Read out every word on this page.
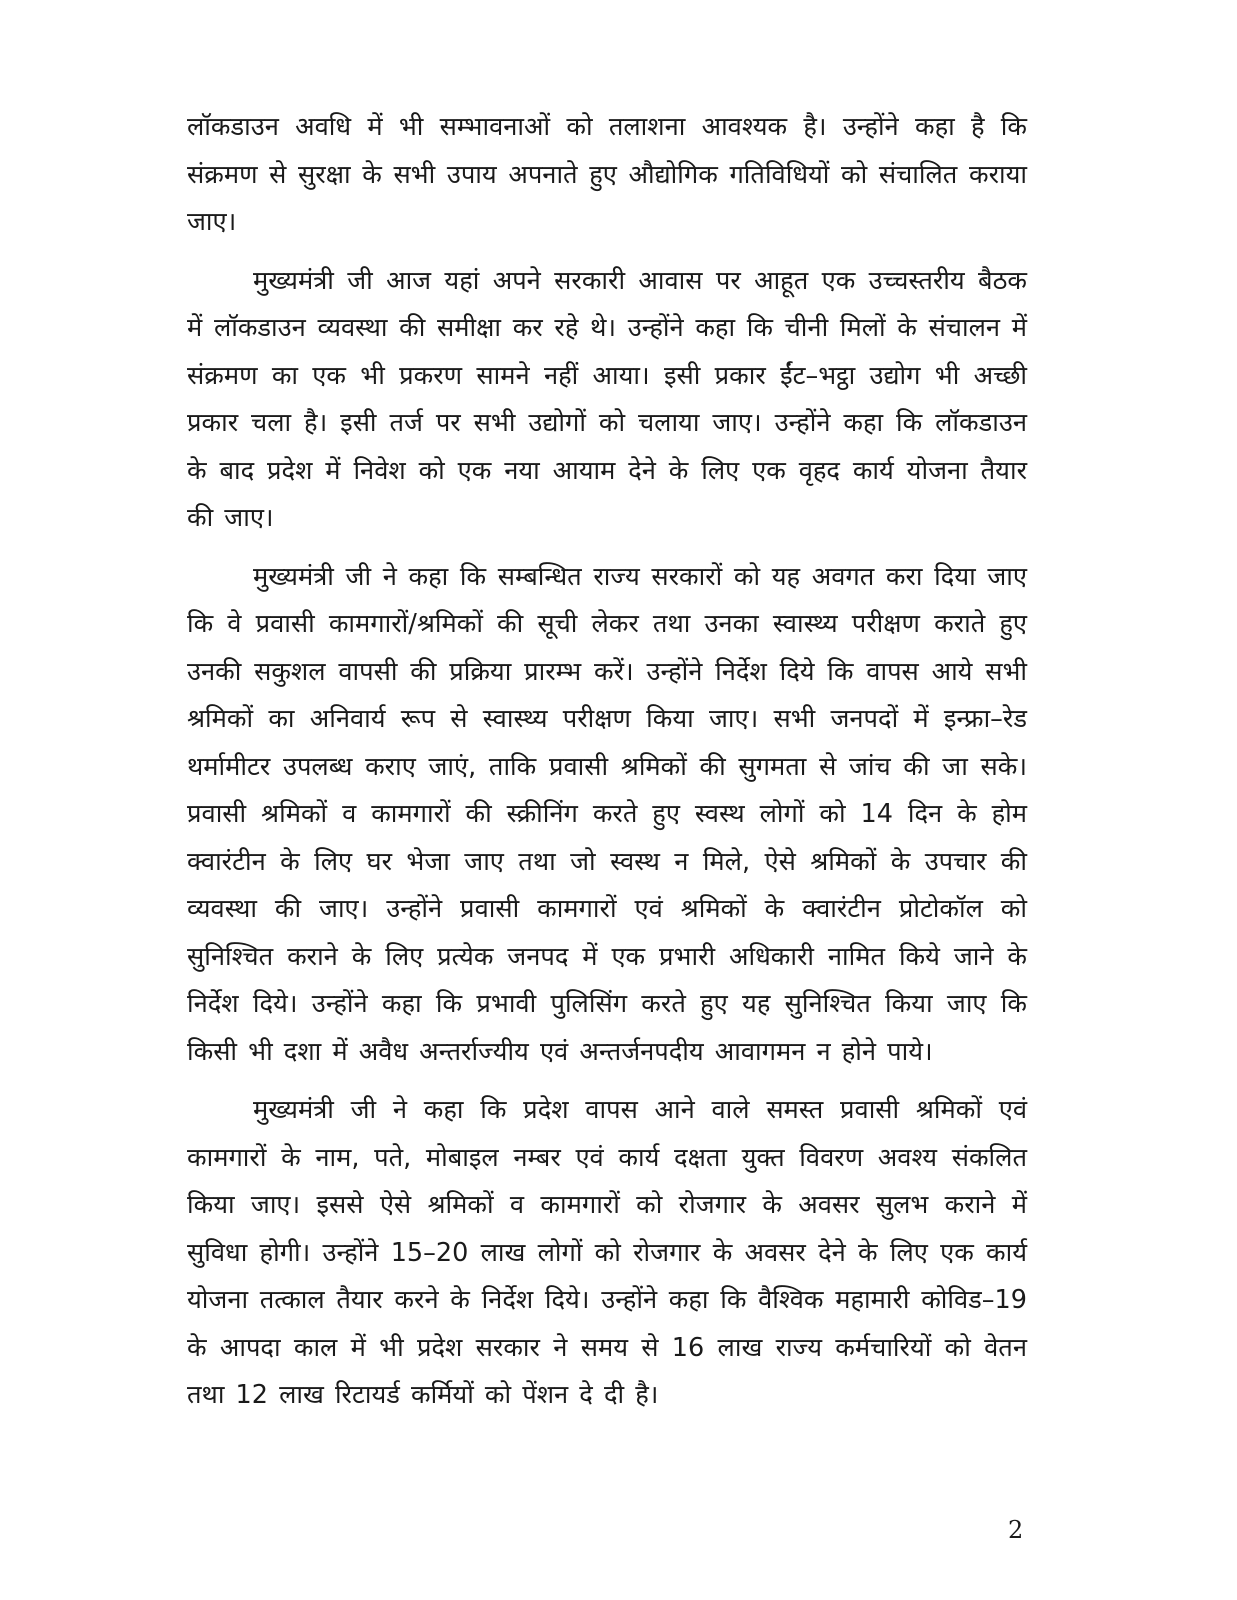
लॉकडाउन अवधि में भी सम्भावनाओं को तलाशना आवश्यक है। उन्होंने कहा है कि संक्रमण से सुरक्षा के सभी उपाय अपनाते हुए औद्योगिक गतिविधियों को संचालित कराया जाए।

मुख्यमंत्री जी आज यहां अपने सरकारी आवास पर आहूत एक उच्चस्तरीय बैठक में लॉकडाउन व्यवस्था की समीक्षा कर रहे थे। उन्होंने कहा कि चीनी मिलों के संचालन में संक्रमण का एक भी प्रकरण सामने नहीं आया। इसी प्रकार ईंट–भट्ठा उद्योग भी अच्छी प्रकार चला है। इसी तर्ज पर सभी उद्योगों को चलाया जाए। उन्होंने कहा कि लॉकडाउन के बाद प्रदेश में निवेश को एक नया आयाम देने के लिए एक वृहद कार्य योजना तैयार की जाए।

मुख्यमंत्री जी ने कहा कि सम्बन्धित राज्य सरकारों को यह अवगत करा दिया जाए कि वे प्रवासी कामगारों/श्रमिकों की सूची लेकर तथा उनका स्वास्थ्य परीक्षण कराते हुए उनकी सकुशल वापसी की प्रक्रिया प्रारम्भ करें। उन्होंने निर्देश दिये कि वापस आये सभी श्रमिकों का अनिवार्य रूप से स्वास्थ्य परीक्षण किया जाए। सभी जनपदों में इन्फ्रा–रेड थर्मामीटर उपलब्ध कराए जाएं, ताकि प्रवासी श्रमिकों की सुगमता से जांच की जा सके। प्रवासी श्रमिकों व कामगारों की स्क्रीनिंग करते हुए स्वस्थ लोगों को 14 दिन के होम क्वारंटीन के लिए घर भेजा जाए तथा जो स्वस्थ न मिले, ऐसे श्रमिकों के उपचार की व्यवस्था की जाए। उन्होंने प्रवासी कामगारों एवं श्रमिकों के क्वारंटीन प्रोटोकॉल को सुनिश्चित कराने के लिए प्रत्येक जनपद में एक प्रभारी अधिकारी नामित किये जाने के निर्देश दिये। उन्होंने कहा कि प्रभावी पुलिसिंग करते हुए यह सुनिश्चित किया जाए कि किसी भी दशा में अवैध अन्तर्राज्यीय एवं अन्तर्जनपदीय आवागमन न होने पाये।

मुख्यमंत्री जी ने कहा कि प्रदेश वापस आने वाले समस्त प्रवासी श्रमिकों एवं कामगारों के नाम, पते, मोबाइल नम्बर एवं कार्य दक्षता युक्त विवरण अवश्य संकलित किया जाए। इससे ऐसे श्रमिकों व कामगारों को रोजगार के अवसर सुलभ कराने में सुविधा होगी। उन्होंने 15–20 लाख लोगों को रोजगार के अवसर देने के लिए एक कार्य योजना तत्काल तैयार करने के निर्देश दिये। उन्होंने कहा कि वैश्विक महामारी कोविड–19 के आपदा काल में भी प्रदेश सरकार ने समय से 16 लाख राज्य कर्मचारियों को वेतन तथा 12 लाख रिटायर्ड कर्मियों को पेंशन दे दी है।

2
